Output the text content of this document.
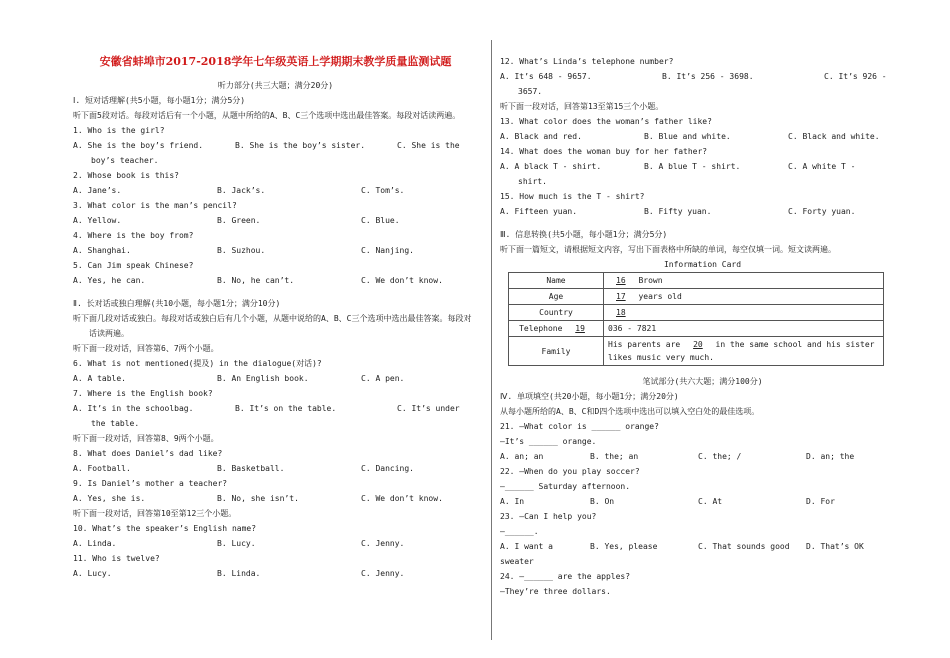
安徽省蚌埠市2017-2018学年七年级英语上学期期末教学质量监测试题

听力部分(共三大题；满分20分)
Ⅰ. 短对话理解(共5小题，每小题1分；满分5分)
听下面5段对话。每段对话后有一个小题，从题中所给的A、B、C三个选项中选出最佳答案。每段对话读两遍。
1. Who is the girl?
A. She is the boy’s friend.	B. She is the boy’s sister.	C. She is the
boy’s teacher.
2. Whose book is this?
A. Jane’s.	B. Jack’s.	C. Tom’s.
3. What color is the man’s pencil?
A. Yellow.	B. Green.	C. Blue.
4. Where is the boy from?
A. Shanghai.	B. Suzhou.	C. Nanjing.
5. Can Jim speak Chinese?
A. Yes, he can.	B. No, he can’t.	C. We don’t know.
Ⅱ. 长对话或独白理解(共10小题，每小题1分；满分10分)
听下面几段对话或独白。每段对话或独白后有几个小题，从题中说给的A、B、C三个选项中选出最佳答案。每段对话读两遍。
听下面一段对话，回答第6、7两个小题。
6. What is not mentioned(提及) in the dialogue(对话)?
A. A table.	B. An English book.	C. A pen.
7. Where is the English book?
A. It’s in the schoolbag.	B. It’s on the table.	C. It’s under
the table.
听下面一段对话，回答第8、9两个小题。
8. What does Daniel’s dad like?
A. Football.	B. Basketball.	C. Dancing.
9. Is Daniel’s mother a teacher?
A. Yes, she is.	B. No, she isn’t.	C. We don’t know.
听下面一段对话，回答第10至第12三个小题。
10. What’s the speaker’s English name?
A. Linda.	B. Lucy.	C. Jenny.
11. Who is twelve?
A. Lucy.	B. Linda.	C. Jenny.
12. What’s Linda’s telephone number?
A. It’s 648 - 9657.	B. It’s 256 - 3698.	C. It’s 926 -
3657.
听下面一段对话，回答第13至第15三个小题。
13. What color does the woman’s father like?
A. Black and red.	B. Blue and white.	C. Black and white.
14. What does the woman buy for her father?
A. A black T - shirt.	B. A blue T - shirt.	C. A white T -
shirt.
15. How much is the T - shirt?
A. Fifteen yuan.	B. Fifty yuan.	C. Forty yuan.
Ⅲ. 信息转换(共5小题，每小题1分；满分5分)
听下面一篇短文，请根据短文内容，写出下面表格中所缺的单词，每空仅填一词。短文读两遍。
Information Card
Name	16 Brown
Age	17 years old
Country	18
Telephone 19	036 - 7821
Family	His parents are 20 in the same school and his sister likes music very much.
笔试部分(共六大题；满分100分)
Ⅳ. 单项填空(共20小题，每小题1分；满分20分)
从每小题所给的A、B、C和D四个选项中选出可以填入空白处的最佳选项。
21. —What color is ______ orange?
—It’s ______ orange.
A. an; an	B. the; an	C. the; /	D. an; the
22. —When do you play soccer?
—______ Saturday afternoon.
A. In	B. On	C. At	D. For
23. —Can I help you?
—______.
A. I want a sweater
B. Yes, please	C. That sounds good	D. That’s OK
24. —______ are the apples?
—They’re three dollars.
